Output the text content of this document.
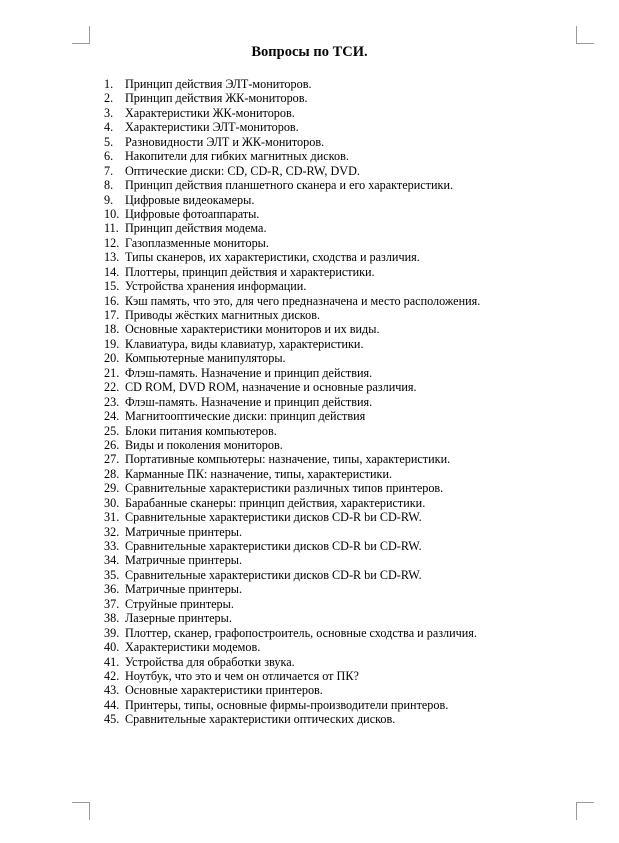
Вопросы по ТСИ.
1. Принцип действия ЭЛТ-мониторов.
2. Принцип действия ЖК-мониторов.
3. Характеристики ЖК-мониторов.
4. Характеристики ЭЛТ-мониторов.
5. Разновидности ЭЛТ и ЖК-мониторов.
6. Накопители для гибких магнитных дисков.
7. Оптические диски: CD, CD-R, CD-RW, DVD.
8. Принцип действия планшетного сканера и его характеристики.
9. Цифровые видеокамеры.
10. Цифровые фотоаппараты.
11. Принцип действия модема.
12. Газоплазменные мониторы.
13. Типы сканеров, их характеристики, сходства и различия.
14. Плоттеры, принцип действия и характеристики.
15. Устройства хранения информации.
16. Кэш память, что это, для чего предназначена и место расположения.
17. Приводы жёстких магнитных дисков.
18. Основные характеристики мониторов и их виды.
19. Клавиатура, виды клавиатур, характеристики.
20. Компьютерные манипуляторы.
21. Флэш-память. Назначение и принцип действия.
22. CD ROM, DVD ROM, назначение и основные различия.
23. Флэш-память. Назначение и принцип действия.
24. Магнитооптические диски: принцип действия
25. Блоки питания компьютеров.
26. Виды и поколения мониторов.
27. Портативные компьютеры: назначение, типы, характеристики.
28. Карманные ПК: назначение, типы, характеристики.
29. Сравнительные характеристики различных типов принтеров.
30. Барабанные сканеры: принцип действия, характеристики.
31. Сравнительные характеристики дисков CD-R bи CD-RW.
32. Матричные принтеры.
33. Сравнительные характеристики дисков CD-R bи CD-RW.
34. Матричные принтеры.
35. Сравнительные характеристики дисков CD-R bи CD-RW.
36. Матричные принтеры.
37. Струйные принтеры.
38. Лазерные принтеры.
39. Плоттер, сканер, графопостроитель, основные сходства и различия.
40. Характеристики модемов.
41. Устройства для обработки звука.
42. Ноутбук, что это и чем он отличается от ПК?
43. Основные характеристики принтеров.
44. Принтеры, типы, основные фирмы-производители принтеров.
45. Сравнительные характеристики оптических дисков.
